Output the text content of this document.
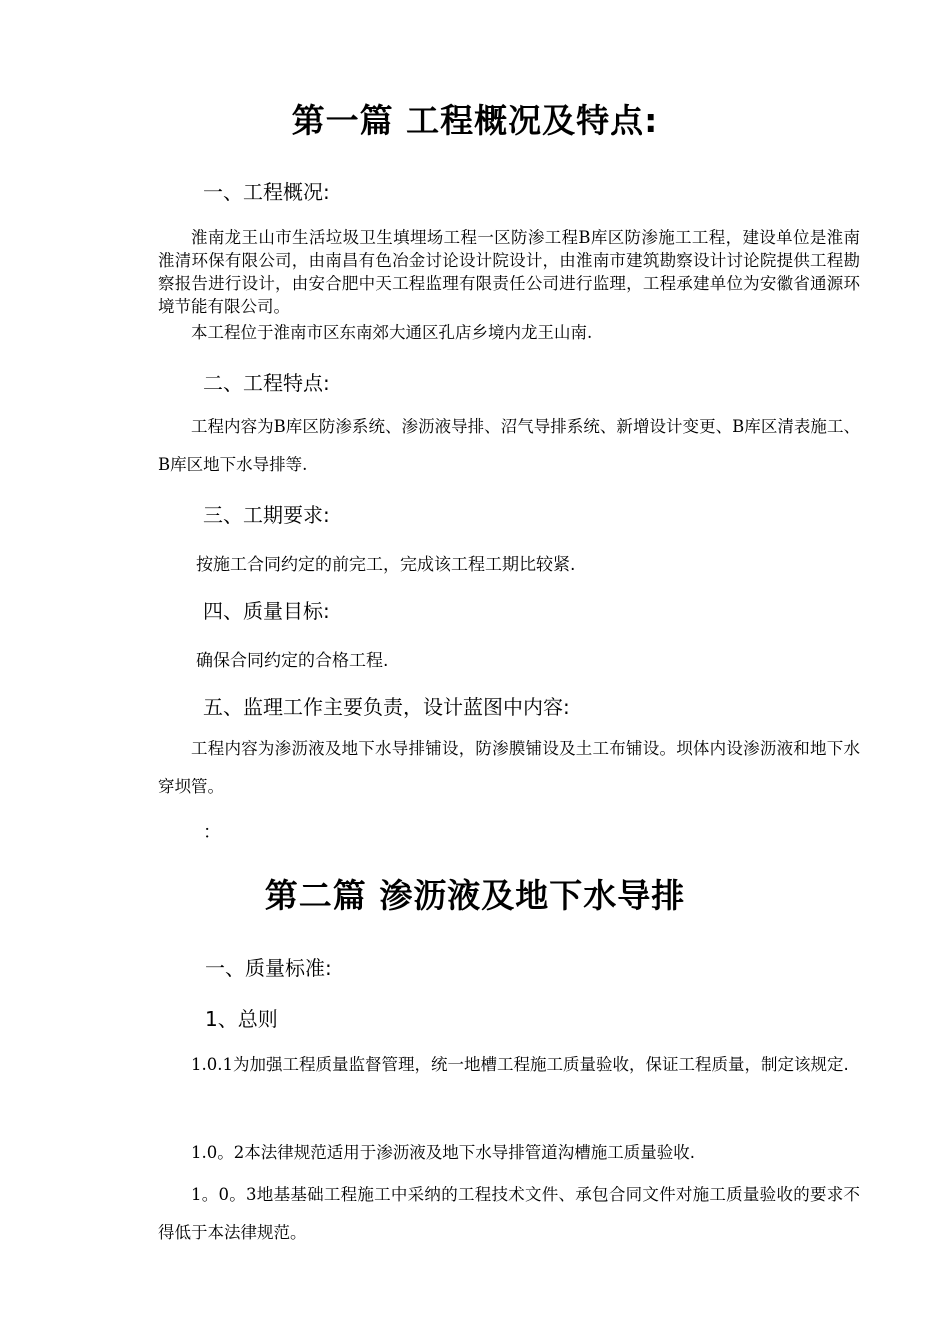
第一篇 工程概况及特点:
一、工程概况:

淮南龙王山市生活垃圾卫生填埋场工程一区防渗工程B库区防渗施工工程，建设单位是淮南淮清环保有限公司，由南昌有色冶金讨论设计院设计，由淮南市建筑勘察设计讨论院提供工程勘察报告进行设计，由安合肥中天工程监理有限责任公司进行监理，工程承建单位为安徽省通源环境节能有限公司。

本工程位于淮南市区东南郊大通区孔店乡境内龙王山南.

二、工程特点:

工程内容为B库区防渗系统、渗沥液导排、沼气导排系统、新增设计变更、B库区清表施工、B库区地下水导排等.

三、工期要求:
按施工合同约定的前完工，完成该工程工期比较紧.
四、质量目标:
确保合同约定的合格工程.
五、监理工作主要负责，设计蓝图中内容:

工程内容为渗沥液及地下水导排铺设，防渗膜铺设及土工布铺设。坝体内设渗沥液和地下水穿坝管。

：
第二篇 渗沥液及地下水导排
一、质量标准:
1、总则

1.0.1为加强工程质量监督管理，统一地槽工程施工质量验收，保证工程质量，制定该规定.

1.0。2本法律规范适用于渗沥液及地下水导排管道沟槽施工质量验收.

1。0。3地基基础工程施工中采纳的工程技术文件、承包合同文件对施工质量验收的要求不得低于本法律规范。
